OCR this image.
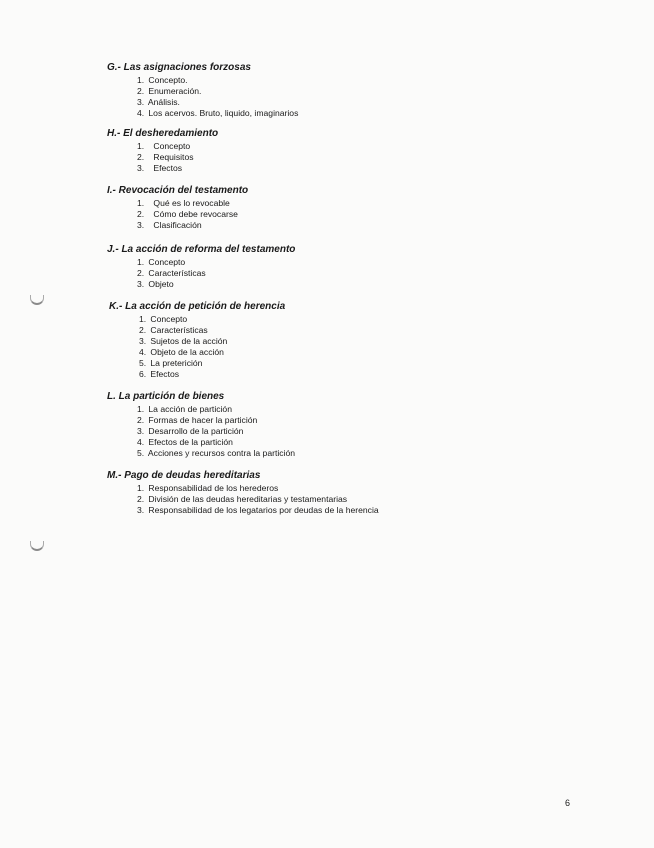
G.- Las asignaciones forzosas
1. Concepto.
2. Enumeración.
3. Análisis.
4. Los acervos. Bruto, liquido, imaginarios
H.- El desheredamiento
1. Concepto
2. Requisitos
3. Efectos
I.- Revocación del testamento
1. Qué es lo revocable
2. Cómo debe revocarse
3. Clasificación
J.- La acción de reforma del testamento
1. Concepto
2. Características
3. Objeto
K.- La acción de petición de herencia
1. Concepto
2. Características
3. Sujetos de la acción
4. Objeto de la acción
5. La preterición
6. Efectos
L. La partición de bienes
1. La acción de partición
2. Formas de hacer la partición
3. Desarrollo de la partición
4. Efectos de la partición
5. Acciones y recursos contra la partición
M.- Pago de deudas hereditarias
1. Responsabilidad de los herederos
2. División de las deudas hereditarias y testamentarias
3. Responsabilidad de los legatarios por deudas de la herencia
6
